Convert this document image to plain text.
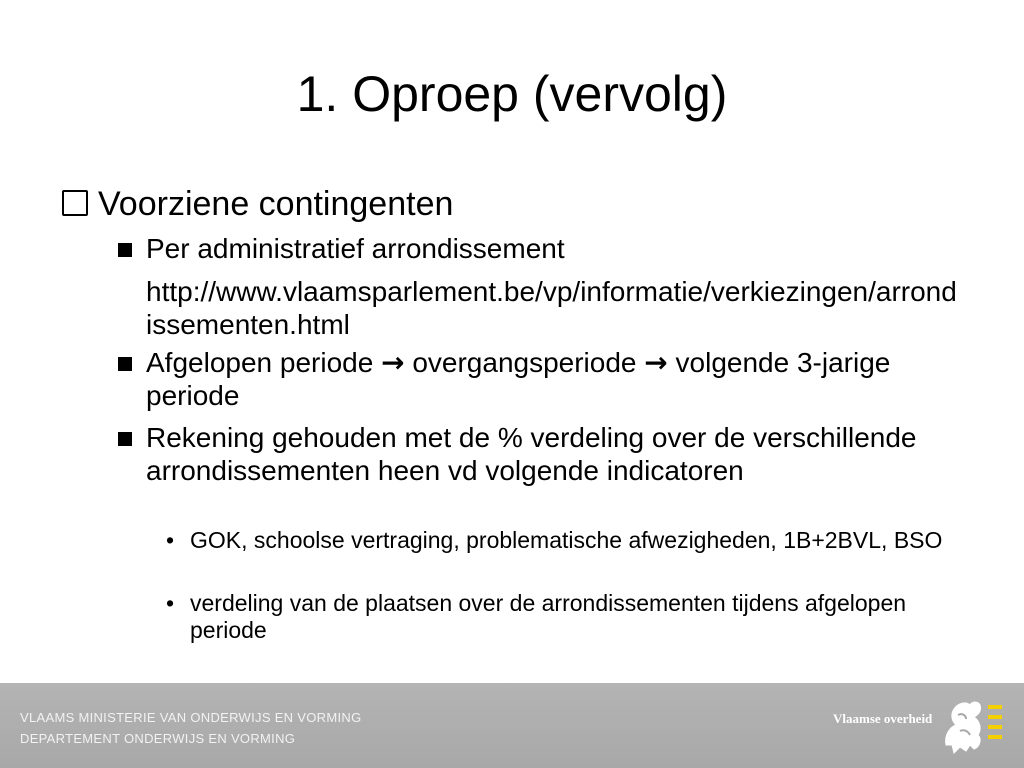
1. Oproep (vervolg)
Voorziene contingenten
Per administratief arrondissement
http://www.vlaamsparlement.be/vp/informatie/verkiezingen/arrondissementen.html
Afgelopen periode → overgangsperiode → volgende 3-jarige periode
Rekening gehouden met de % verdeling over de verschillende arrondissementen heen vd volgende indicatoren
• GOK, schoolse vertraging, problematische afwezigheden, 1B+2BVL, BSO
• verdeling van de plaatsen over de arrondissementen tijdens afgelopen periode
VLAAMS MINISTERIE VAN ONDERWIJS EN VORMING
DEPARTEMENT ONDERWIJS EN VORMING
Vlaamse overheid
